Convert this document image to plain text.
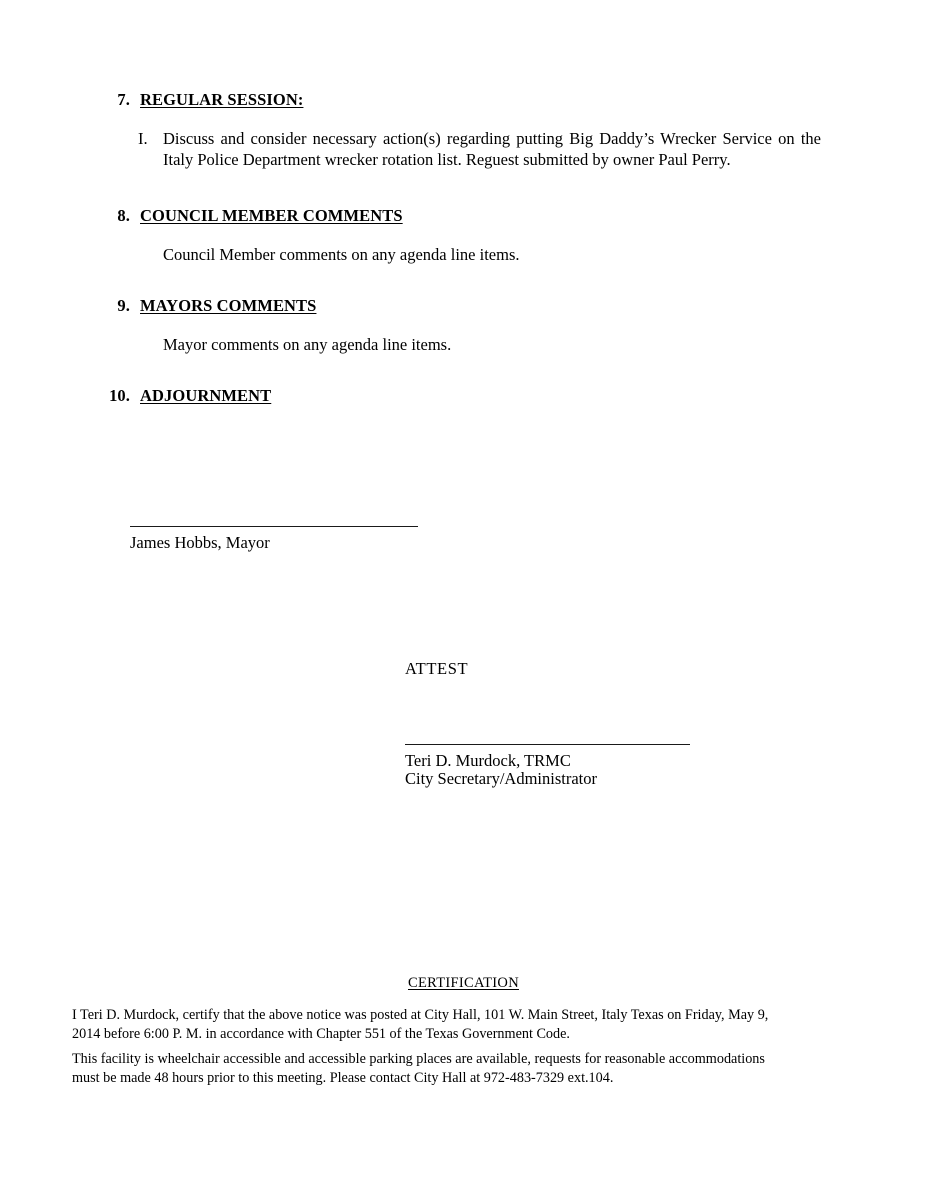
7. REGULAR SESSION:
I. Discuss and consider necessary action(s) regarding putting Big Daddy’s Wrecker Service on the Italy Police Department wrecker rotation list. Reguest submitted by owner Paul Perry.
8. COUNCIL MEMBER COMMENTS
Council Member comments on any agenda line items.
9. MAYORS COMMENTS
Mayor comments on any agenda line items.
10. ADJOURNMENT
James Hobbs, Mayor
ATTEST
Teri D. Murdock, TRMC
City Secretary/Administrator
CERTIFICATION
I Teri D. Murdock, certify that the above notice was posted at City Hall, 101 W. Main Street, Italy Texas on Friday, May 9, 2014 before 6:00 P. M. in accordance with Chapter 551 of the Texas Government Code.
This facility is wheelchair accessible and accessible parking places are available, requests for reasonable accommodations must be made 48 hours prior to this meeting. Please contact City Hall at 972-483-7329 ext.104.
